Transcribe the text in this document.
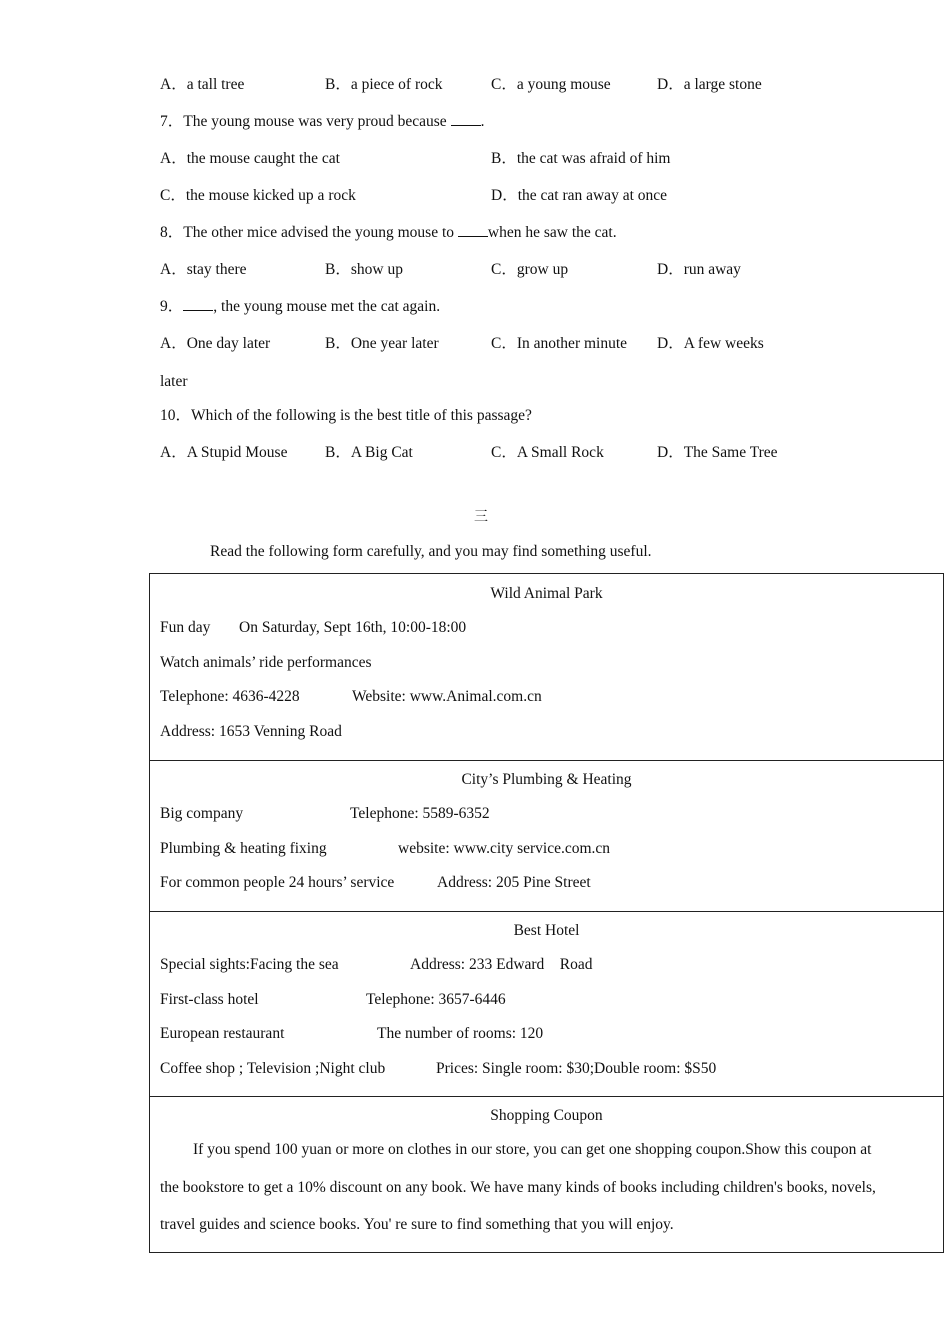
A．a tall tree	B．a piece of rock	C．a young mouse	D．a large stone
7．The young mouse was very proud because .
A．the mouse caught the cat	B．the cat was afraid of him
C．the mouse kicked up a rock	D．the cat ran away at once
8．The other mice advised the young mouse to when he saw the cat.
A．stay there	B．show up	C．grow up	D．run away
9． , the young mouse met the cat again.
A．One day later	B．One year later	C．In another minute D．A few weeks
later
10．Which of the following is the best title of this passage?
A．A Stupid Mouse B．A Big Cat	C．A Small Rock	D．The Same Tree
三
Read the following form carefully, and you may find something useful.
Wild Animal Park
Fun day On Saturday, Sept 16th, 10:00-18:00
Watch animals’ ride performances
Telephone: 4636-4228	Website: www.Animal.com.cn
Address: 1653 Venning Road
City’s Plumbing & Heating
Big company	Telephone: 5589-6352
Plumbing & heating fixing	website: www.city service.com.cn
For common people 24 hours’ service	Address: 205 Pine Street
Best Hotel
Special sights:Facing the sea	Address: 233 Edward    Road
First-class hotel	Telephone: 3657-6446
European restaurant	The number of rooms: 120
Coffee shop ; Television ;Night club	Prices: Single room: $30;Double room: $S50
Shopping Coupon
If you spend 100 yuan or more on clothes in our store, you can get one shopping coupon.Show this coupon at
the bookstore to get a 10% discount on any book. We have many kinds of books including children's books, novels,
travel guides and science books. You' re sure to find something that you will enjoy.
